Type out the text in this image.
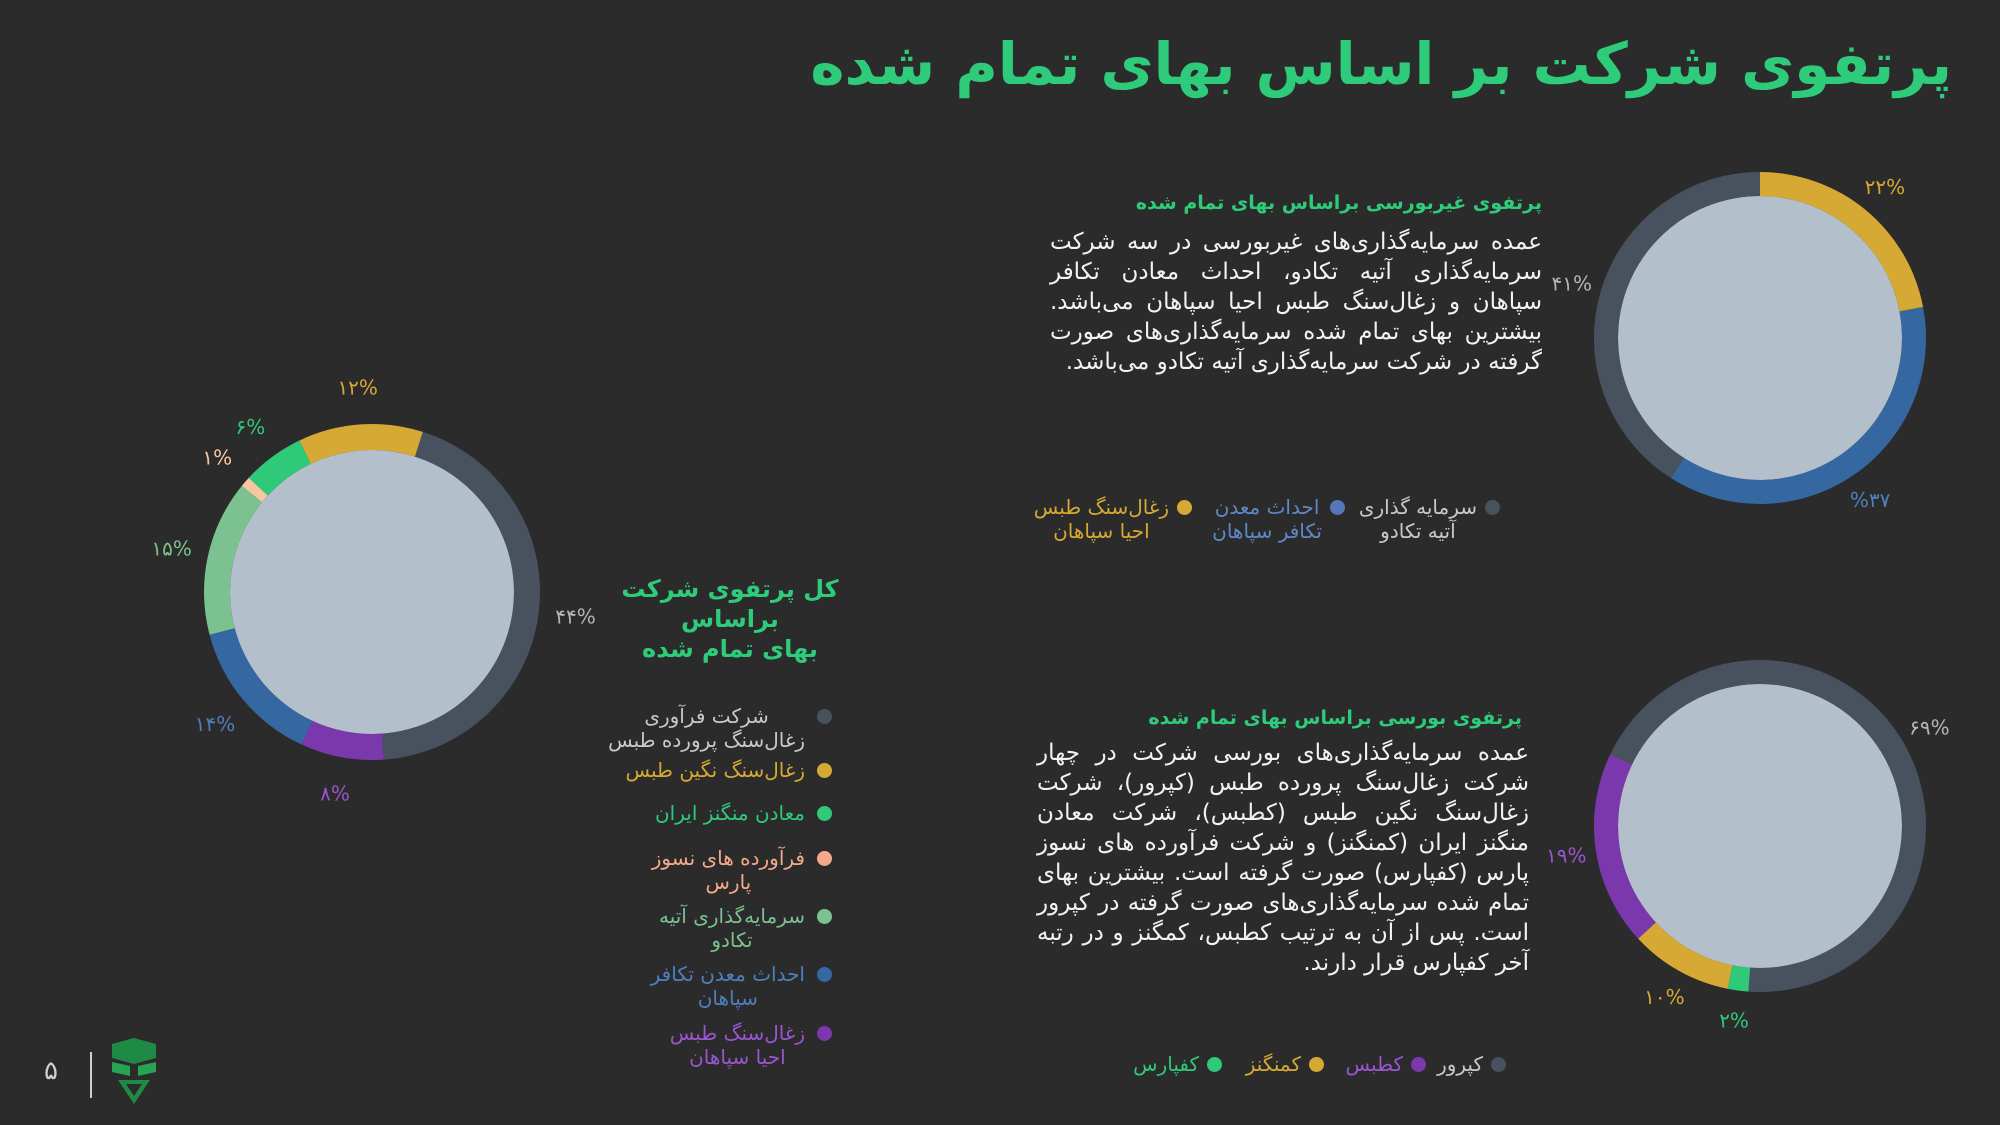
پرتفوی شرکت بر اساس بهای تمام شده
پرتفوی غیربورسی براساس بهای تمام شده
عمده سرمایه‌گذاری‌های غیربورسی در سه شرکت سرمایه‌گذاری آتیه تکادو، احداث معادن تکافر سپاهان و زغال‌سنگ طبس احیا سپاهان می‌باشد. بیشترین بهای تمام شده سرمایه‌گذاری‌های صورت گرفته در شرکت سرمایه‌گذاری آتیه تکادو می‌باشد.
سرمایه گذاری
آتیه تکادو
احداث معدن
تکافر سپاهان
زغال‌سنگ طبس
احیا سپاهان
پرتفوی بورسی براساس بهای تمام شده
عمده سرمایه‌گذاری‌های بورسی شرکت در چهار شرکت زغال‌سنگ پرورده طبس (کپرور)، شرکت زغال‌سنگ نگین طبس (کطبس)، شرکت معادن منگنز ایران (کمنگنز) و شرکت فرآورده های نسوز پارس (کفپارس) صورت گرفته است. بیشترین بهای تمام شده سرمایه‌گذاری‌های صورت گرفته در کپرور است. پس از آن به ترتیب کطبس، کمگنز و در رتبه آخر کفپارس قرار دارند.
کپرور
کطبس
کمنگنز
کفپارس
کل پرتفوی شرکت براساس
بهای تمام شده
شرکت فرآوری
زغال‌سنگ پرورده طبس
زغال‌سنگ نگین طبس
معادن منگنز ایران
فرآورده های نسوز
پارس
سرمایه‌گذاری آتیه
تکادو
احداث معدن تکافر
سپاهان
زغال‌سنگ طبس
احیا سپاهان
۴۱%
%۳۷
۲۲%
۶۹%
۱۹%
۱۰%
۲%
۴۴%
۱۲%
۶%
۱%
۱۵%
۱۴%
۸%
۵
